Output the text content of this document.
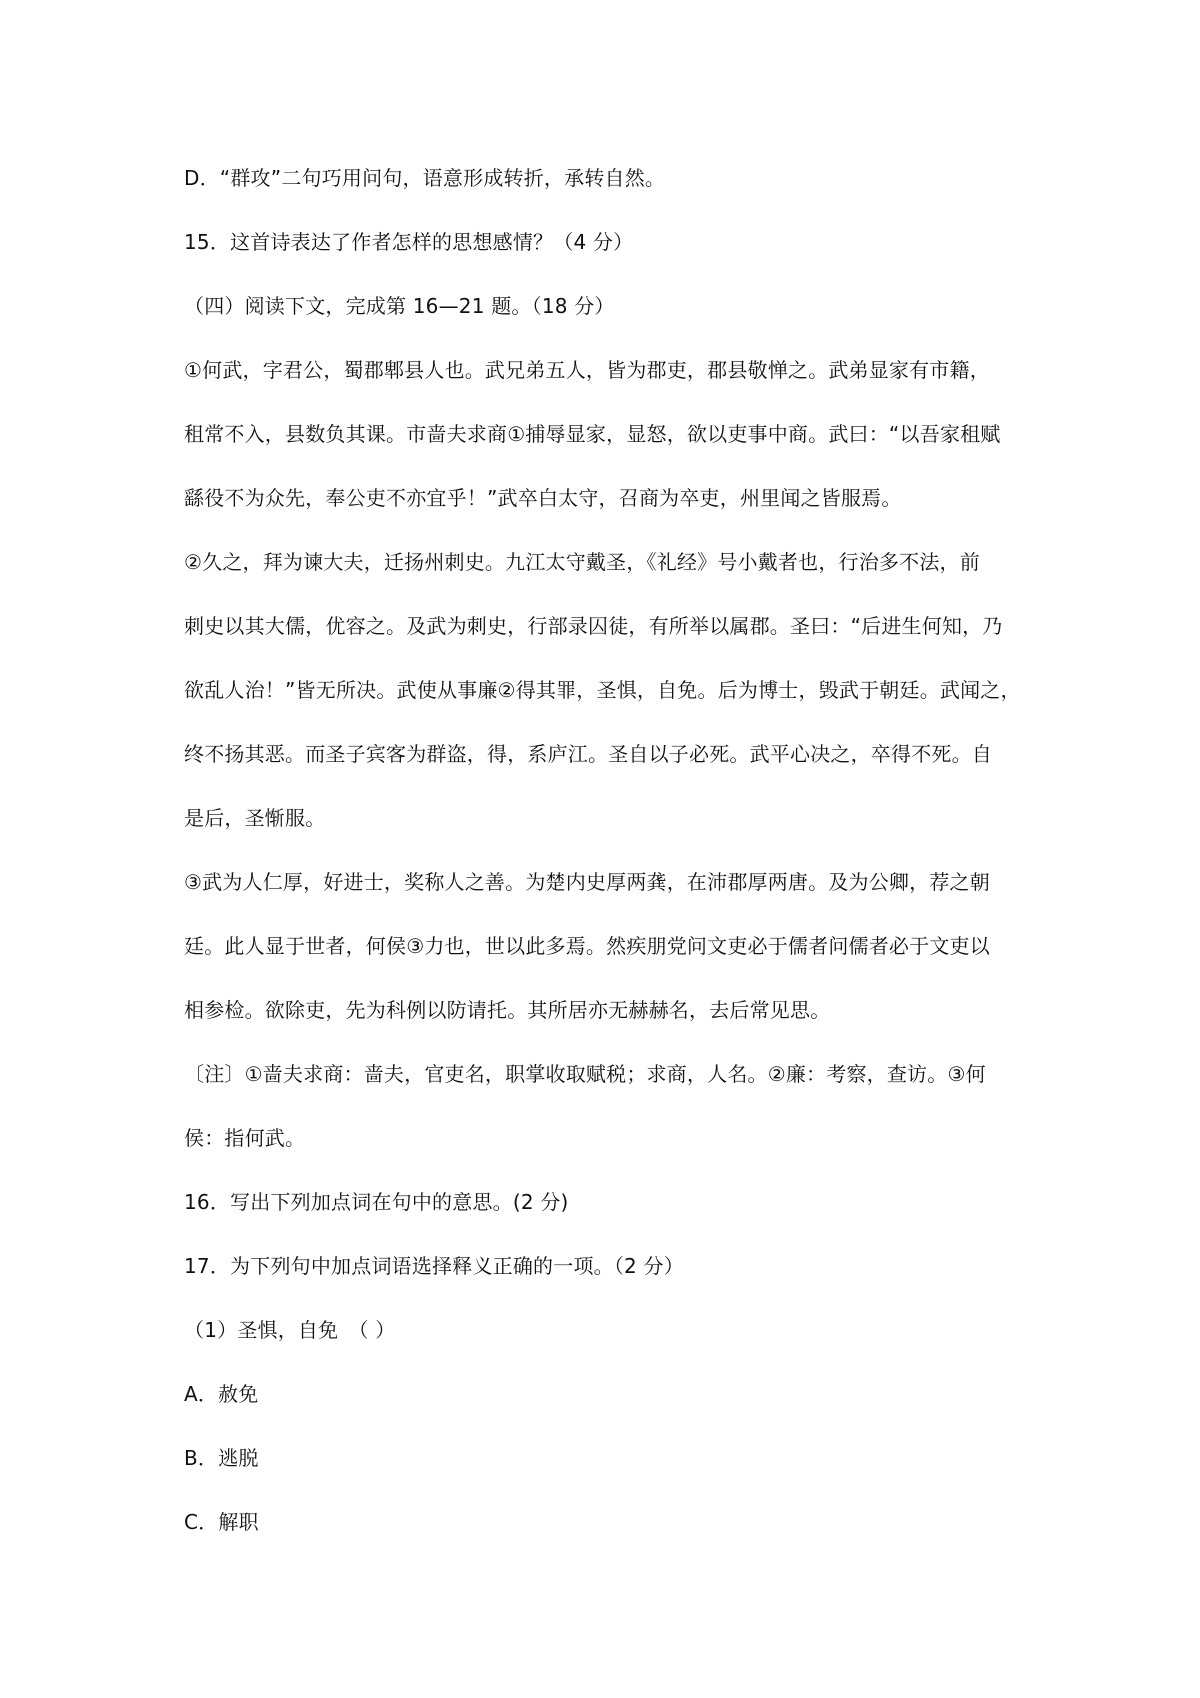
D．“群攻”二句巧用问句，语意形成转折，承转自然。
15．这首诗表达了作者怎样的思想感情？（4 分）
（四）阅读下文，完成第 16—21 题。（18 分）
①何武，字君公，蜀郡郫县人也。武兄弟五人，皆为郡吏，郡县敬惮之。武弟显家有市籍，
租常不入，县数负其课。市啬夫求商①捕辱显家，显怒，欲以吏事中商。武曰：“以吾家租赋
繇役不为众先，奉公吏不亦宜乎！”武卒白太守，召商为卒吏，州里闻之皆服焉。
②久之，拜为谏大夫，迁扬州刺史。九江太守戴圣，《礼经》号小戴者也，行治多不法，前
刺史以其大儒，优容之。及武为刺史，行部录囚徒，有所举以属郡。圣曰：“后进生何知，乃
欲乱人治！”皆无所决。武使从事廉②得其罪，圣惧，自免。后为博士，毁武于朝廷。武闻之，
终不扬其恶。而圣子宾客为群盗，得，系庐江。圣自以子必死。武平心决之，卒得不死。自
是后，圣惭服。
③武为人仁厚，好进士，奖称人之善。为楚内史厚两龚，在沛郡厚两唐。及为公卿，荐之朝
廷。此人显于世者，何侯③力也，世以此多焉。然疾朋党问文吏必于儒者问儒者必于文吏以
相参检。欲除吏，先为科例以防请托。其所居亦无赫赫名，去后常见思。
〔注〕①啬夫求商：啬夫，官吏名，职掌收取赋税；求商，人名。②廉：考察，查访。③何
侯：指何武。
16．写出下列加点词在句中的意思。(2 分)
17．为下列句中加点词语选择释义正确的一项。（2 分）
（1）圣惧，自免　（ ）
A．赦免
B．逃脱
C．解职
